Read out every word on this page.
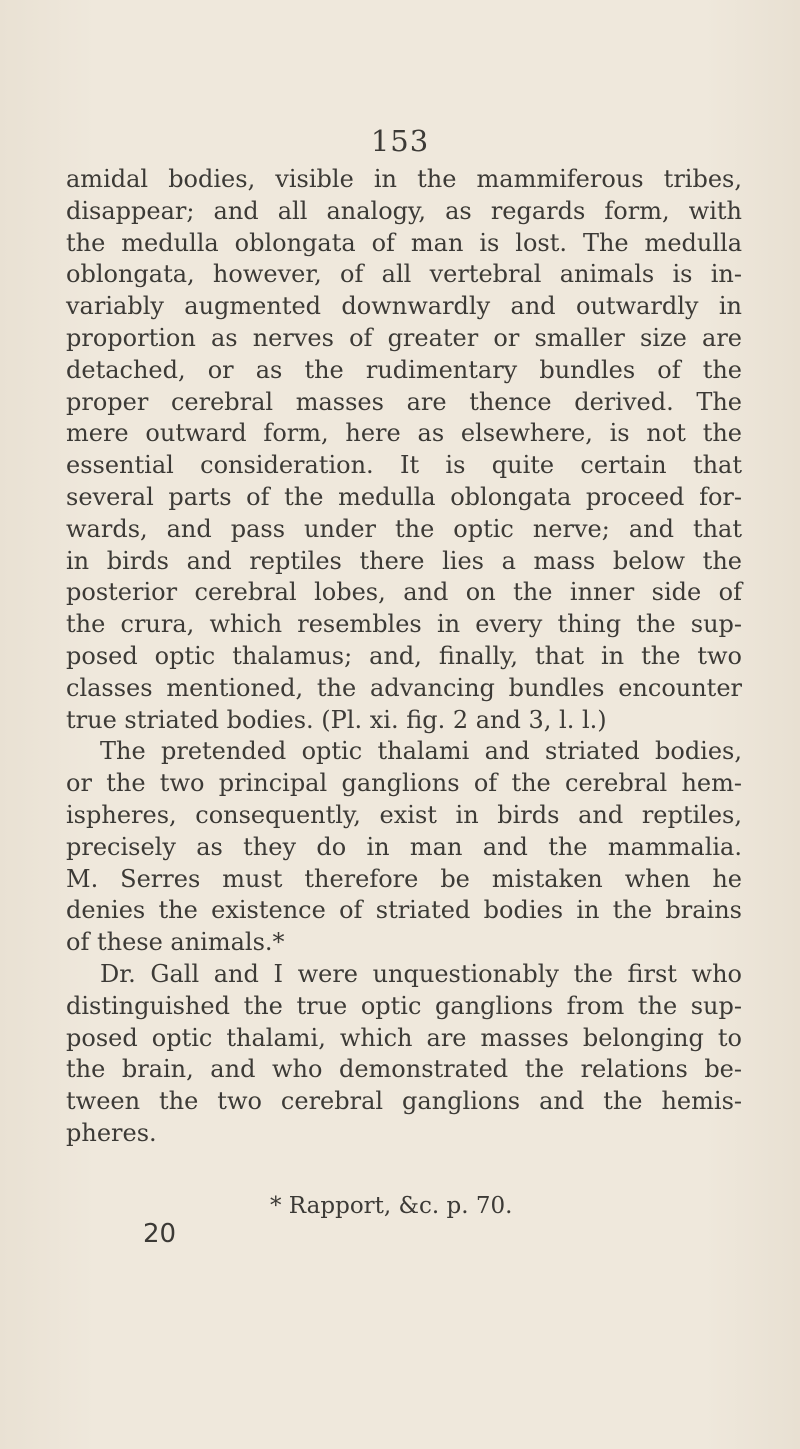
153
amidal bodies, visible in the mammiferous tribes,
disappear; and all analogy, as regards form, with
the medulla oblongata of man is lost. The medulla
oblongata, however, of all vertebral animals is in-
variably augmented downwardly and outwardly in
proportion as nerves of greater or smaller size are
detached, or as the rudimentary bundles of the
proper cerebral masses are thence derived. The
mere outward form, here as elsewhere, is not the
essential consideration. It is quite certain that
several parts of the medulla oblongata proceed for-
wards, and pass under the optic nerve; and that
in birds and reptiles there lies a mass below the
posterior cerebral lobes, and on the inner side of
the crura, which resembles in every thing the sup-
posed optic thalamus; and, finally, that in the two
classes mentioned, the advancing bundles encounter
true striated bodies. (Pl. xi. fig. 2 and 3, l. l.)
The pretended optic thalami and striated bodies,
or the two principal ganglions of the cerebral hem-
ispheres, consequently, exist in birds and reptiles,
precisely as they do in man and the mammalia.
M. Serres must therefore be mistaken when he
denies the existence of striated bodies in the brains
of these animals.*
Dr. Gall and I were unquestionably the first who
distinguished the true optic ganglions from the sup-
posed optic thalami, which are masses belonging to
the brain, and who demonstrated the relations be-
tween the two cerebral ganglions and the hemis-
pheres.
* Rapport, &c. p. 70.
20
